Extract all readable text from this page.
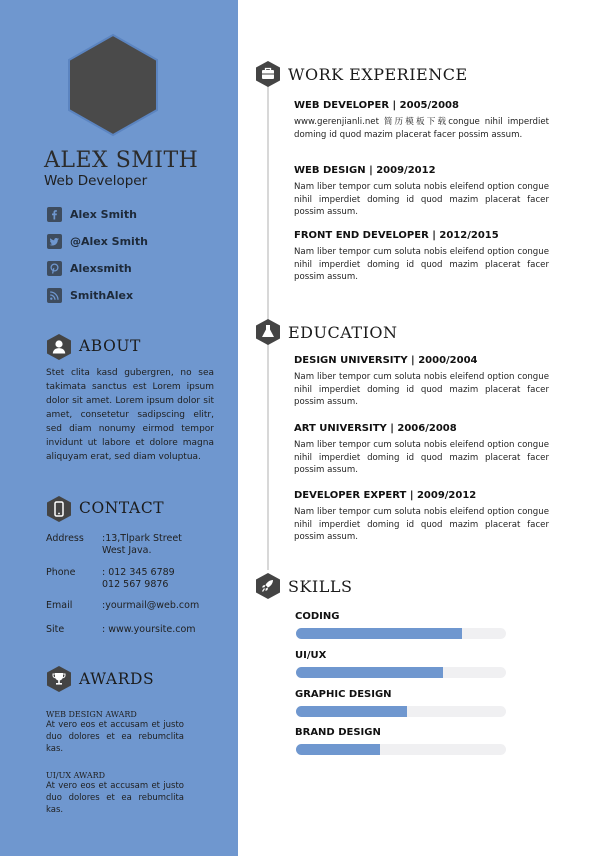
ALEX SMITH
Web Developer
Alex Smith
@Alex Smith
Alexsmith
SmithAlex
ABOUT
Stet clita kasd gubergren, no sea takimata sanctus est Lorem ipsum dolor sit amet. Lorem ipsum dolor sit amet, consetetur sadipscing elitr, sed diam nonumy eirmod tempor invidunt ut labore et dolore magna aliquyam erat, sed diam voluptua.
CONTACT
Address :13,Tlpark Street
West Java.
Phone	: 012 345 6789
012 567 9876
Email	:yourmail@web.com
Site	: www.yoursite.com
AWARDS
WEB DESIGN AWARD
At vero eos et accusam et justo duo dolores et ea rebumclita kas.
UI/UX AWARD
At vero eos et accusam et justo duo dolores et ea rebumclita kas.
WORK EXPERIENCE
WEB DEVELOPER | 2005/2008
www.gerenjianli.net 简历模板下载congue nihil imperdiet doming id quod mazim placerat facer possim assum.
WEB DESIGN | 2009/2012
Nam liber tempor cum soluta nobis eleifend option congue nihil imperdiet doming id quod mazim placerat facer possim assum.
FRONT END DEVELOPER | 2012/2015
Nam liber tempor cum soluta nobis eleifend option congue nihil imperdiet doming id quod mazim placerat facer possim assum.
EDUCATION
DESIGN UNIVERSITY | 2000/2004
Nam liber tempor cum soluta nobis eleifend option congue nihil imperdiet doming id quod mazim placerat facer possim assum.
ART UNIVERSITY | 2006/2008
Nam liber tempor cum soluta nobis eleifend option congue nihil imperdiet doming id quod mazim placerat facer possim assum.
DEVELOPER EXPERT | 2009/2012
Nam liber tempor cum soluta nobis eleifend option congue nihil imperdiet doming id quod mazim placerat facer possim assum.
SKILLS
CODING
UI/UX
GRAPHIC DESIGN
BRAND DESIGN
